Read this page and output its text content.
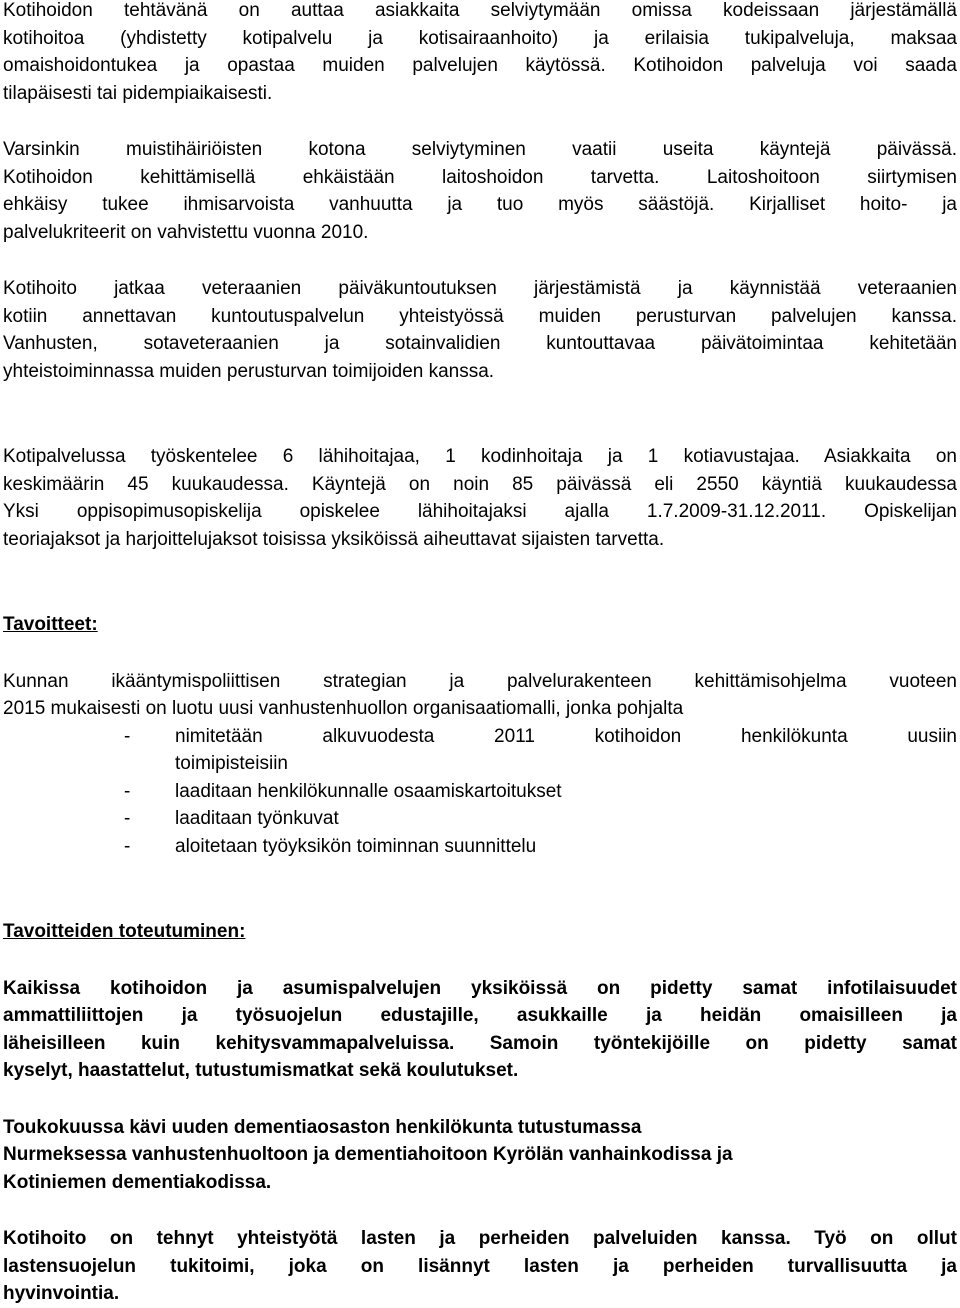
Kotihoidon tehtävänä on auttaa asiakkaita selviytymään omissa kodeissaan järjestämällä
kotihoitoa (yhdistetty kotipalvelu ja kotisairaanhoito) ja erilaisia tukipalveluja, maksaa
omaishoidontukea ja opastaa muiden palvelujen käytössä. Kotihoidon palveluja voi saada
tilapäisesti tai pidempiaikaisesti.

Varsinkin muistihäiriöisten kotona selviytyminen vaatii useita käyntejä päivässä.
Kotihoidon kehittämisellä ehkäistään laitoshoidon tarvetta. Laitoshoitoon siirtymisen
ehkäisy tukee ihmisarvoista vanhuutta ja tuo myös säästöjä. Kirjalliset hoito- ja
palvelukriteerit on vahvistettu vuonna 2010.

Kotihoito jatkaa veteraanien päiväkuntoutuksen järjestämistä ja käynnistää veteraanien
kotiin annettavan kuntoutuspalvelun yhteistyössä muiden perusturvan palvelujen kanssa.
Vanhusten, sotaveteraanien ja sotainvalidien kuntouttavaa päivätoimintaa kehitetään
yhteistoiminnassa muiden perusturvan toimijoiden kanssa.

Kotipalvelussa työskentelee 6 lähihoitajaa, 1 kodinhoitaja ja 1 kotiavustajaa. Asiakkaita on
keskimäärin 45 kuukaudessa. Käyntejä on noin 85 päivässä eli 2550 käyntiä kuukaudessa
Yksi oppisopimusopiskelija opiskelee lähihoitajaksi ajalla 1.7.2009-31.12.2011. Opiskelijan
teoriajaksot ja harjoittelujaksot toisissa yksiköissä aiheuttavat sijaisten tarvetta.

Tavoitteet:

Kunnan ikääntymispoliittisen strategian ja palvelurakenteen kehittämisohjelma vuoteen
2015 mukaisesti on luotu uusi vanhustenhuollon organisaatiomalli, jonka pohjalta

- nimitetään alkuvuodesta 2011 kotihoidon henkilökunta uusiin
toimipisteisiin
- laaditaan henkilökunnalle osaamiskartoitukset
- laaditaan työnkuvat
- aloitetaan työyksikön toiminnan suunnittelu

Tavoitteiden toteutuminen:

Kaikissa kotihoidon ja asumispalvelujen yksiköissä on pidetty samat infotilaisuudet
ammattiliittojen ja työsuojelun edustajille, asukkaille ja heidän omaisilleen ja
läheisilleen kuin kehitysvammapalveluissa. Samoin työntekijöille on pidetty samat
kyselyt, haastattelut, tutustumismatkat sekä koulutukset.

Toukokuussa kävi uuden dementiaosaston henkilökunta tutustumassa
Nurmeksessa vanhustenhuoltoon ja dementiahoitoon Kyrölän vanhainkodissa ja
Kotiniemen dementiakodissa.

Kotihoito on tehnyt yhteistyötä lasten ja perheiden palveluiden kanssa. Työ on ollut
lastensuojelun tukitoimi, joka on lisännyt lasten ja perheiden turvallisuutta ja
hyvinvointia.
